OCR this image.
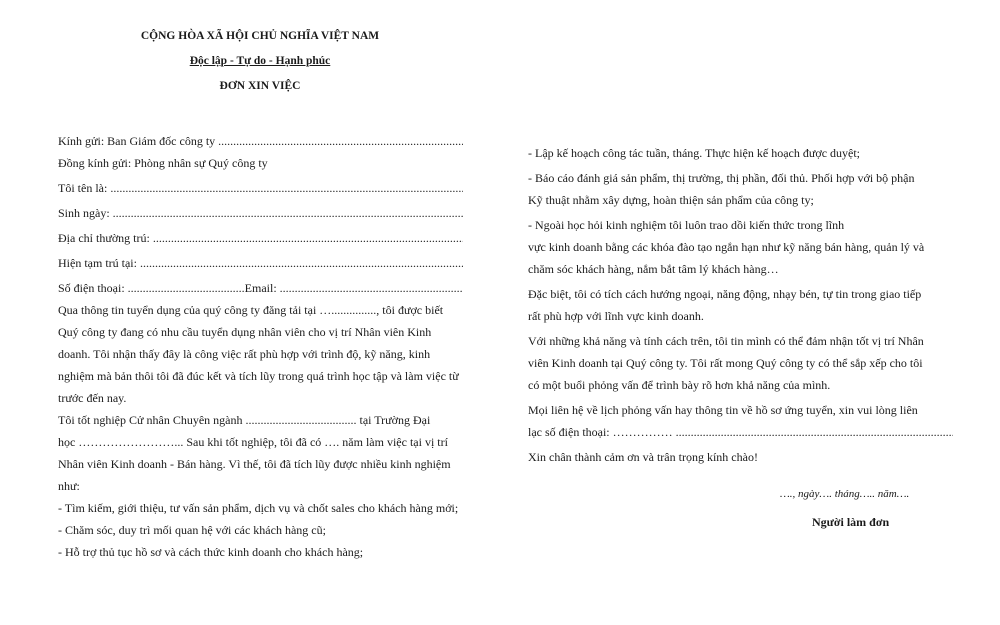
CỘNG HÒA XÃ HỘI CHỦ NGHĨA VIỆT NAM
Độc lập - Tự do - Hạnh phúc
ĐƠN XIN VIỆC
Kính gửi: Ban Giám đốc công ty .....
Đồng kính gửi: Phòng nhân sự Quý công ty
Tôi tên là: .....
Sinh ngày: .....
Địa chỉ thường trú: .....
Hiện tạm trú tại: .....
Số điện thoại: .......................................Email: .....
Qua thông tin tuyển dụng của quý công ty đăng tải tại …..............., tôi được biết
Quý công ty đang có nhu cầu tuyển dụng nhân viên cho vị trí Nhân viên Kinh
doanh. Tôi nhận thấy đây là công việc rất phù hợp với trình độ, kỹ năng, kinh
nghiệm mà bản thôi tôi đã đúc kết và tích lũy trong quá trình học tập và làm việc từ
trước đến nay.
Tôi tốt nghiệp Cử nhân Chuyên ngành ..................................... tại Trường Đại
học ……………………... Sau khi tốt nghiệp, tôi đã có …. năm làm việc tại vị trí
Nhân viên Kinh doanh - Bán hàng. Vì thế, tôi đã tích lũy được nhiều kinh nghiệm
như:
- Tìm kiếm, giới thiệu, tư vấn sản phẩm, dịch vụ và chốt sales cho khách hàng mới;
- Chăm sóc, duy trì mối quan hệ với các khách hàng cũ;
- Hỗ trợ thủ tục hồ sơ và cách thức kinh doanh cho khách hàng;
- Lập kế hoạch công tác tuần, tháng. Thực hiện kế hoạch được duyệt;
- Báo cáo đánh giá sản phẩm, thị trường, thị phần, đối thủ. Phối hợp với bộ phận
Kỹ thuật nhằm xây dựng, hoàn thiện sản phẩm của công ty;
- Ngoài học hỏi kinh nghiệm tôi luôn trao dồi kiến thức trong lĩnh
vực kinh doanh bằng các khóa đào tạo ngắn hạn như kỹ năng bán hàng, quản lý và
chăm sóc khách hàng, nắm bắt tâm lý khách hàng…
Đặc biệt, tôi có tích cách hướng ngoại, năng động, nhạy bén, tự tin trong giao tiếp
rất phù hợp với lĩnh vực kinh doanh.
Với những khả năng và tính cách trên, tôi tin mình có thể đảm nhận tốt vị trí Nhân
viên Kinh doanh tại Quý công ty. Tôi rất mong Quý công ty có thể sắp xếp cho tôi
có một buổi phỏng vấn để trình bày rõ hơn khả năng của mình.
Mọi liên hệ về lịch phỏng vấn hay thông tin về hồ sơ ứng tuyển, xin vui lòng liên
lạc số điện thoại: …………… .....
Xin chân thành cảm ơn và trân trọng kính chào!
…., ngày…. tháng….. năm….
Người làm đơn
